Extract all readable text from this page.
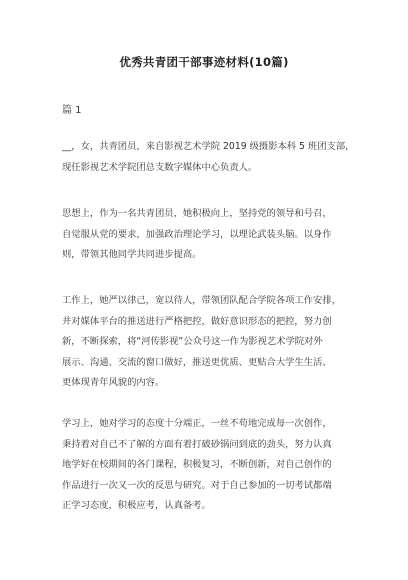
优秀共青团干部事迹材料(10篇)
篇 1
__，女，共青团员，来自影视艺术学院 2019 级摄影本科 5 班团支部，
现任影视艺术学院团总支数字媒体中心负责人。
思想上，作为一名共青团员，她积极向上，坚持党的领导和号召，
自觉服从党的要求，加强政治理论学习，以理论武装头脑。以身作
则，带领其他同学共同进步提高。
工作上，她严以律己，宽以待人，带领团队配合学院各项工作安排，
并对媒体平台的推送进行严格把控，做好意识形态的把控，努力创
新，不断探索，将“河传影视”公众号这一作为影视艺术学院对外
展示、沟通、交流的窗口做好，推送更优质、更贴合大学生生活、
更体现青年风貌的内容。
学习上，她对学习的态度十分端正，一丝不苟地完成每一次创作，
秉持着对自己不了解的方面有着打破砂锅问到底的劲头，努力认真
地学好在校期间的各门课程，积极复习，不断创新，对自己创作的
作品进行一次又一次的反思与研究。对于自己参加的一切考试都端
正学习态度，积极应考，认真备考。
